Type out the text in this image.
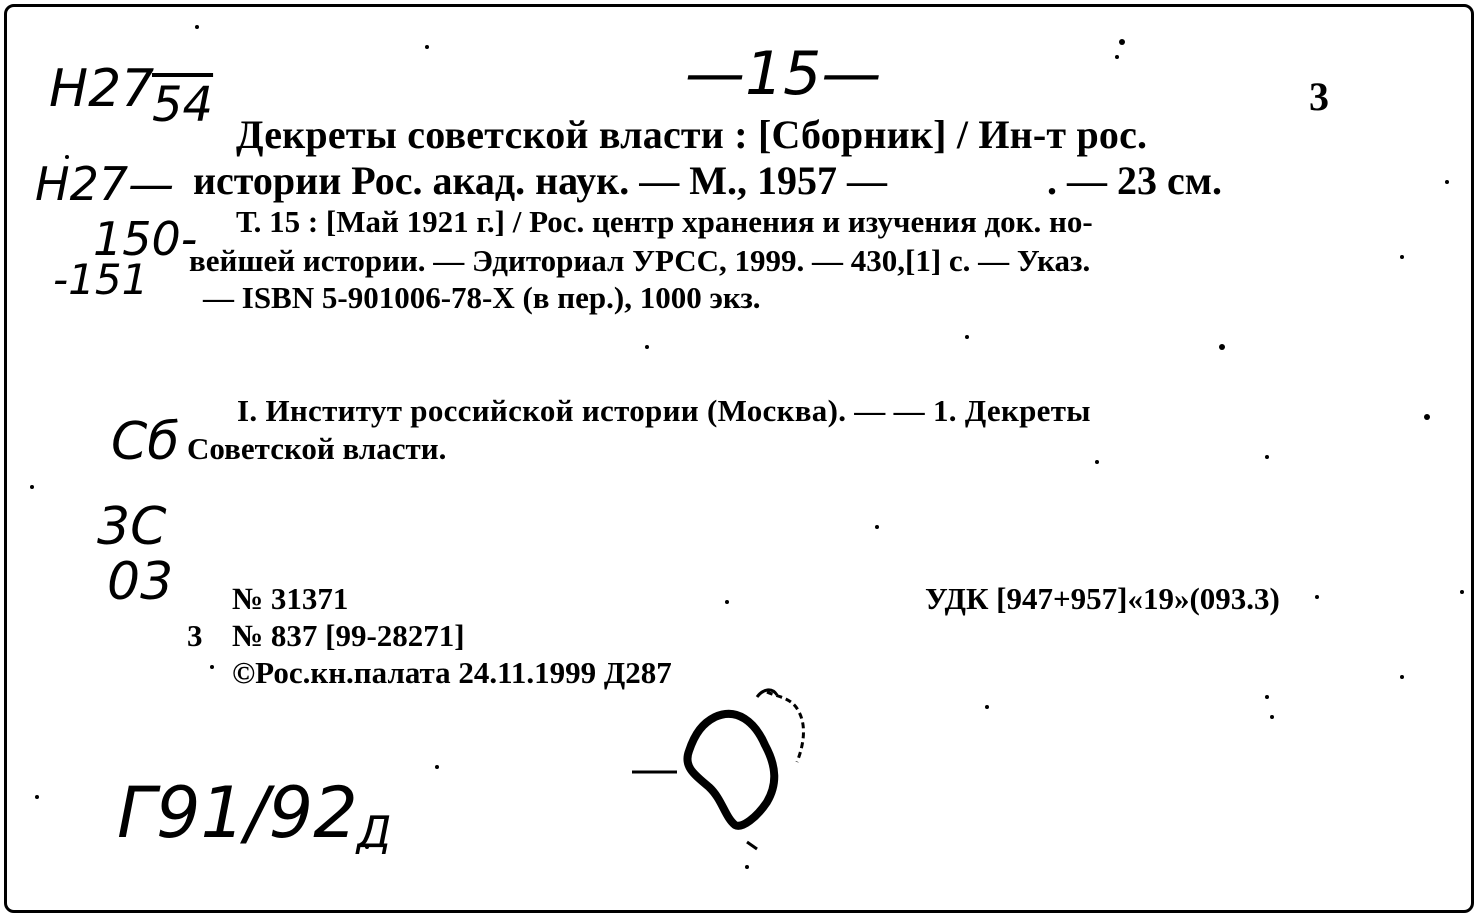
3
Декреты советской власти : [Сборник] / Ин-т рос.
истории Рос. акад. наук. — М., 1957 —	. — 23 см.
Т. 15 : [Май 1921 г.] / Рос. центр хранения и изучения док. но-
вейшей истории. — Эдиториал УРСС, 1999. — 430,[1] с. — Указ.
— ISBN 5-901006-78-X (в пер.), 1000 экз.
I. Институт российской истории (Москва). — — 1. Декреты
Советской власти.
№ 31371	УДК [947+957]«19»(093.3)
3 № 837 [99-28271]
©Рос.кн.палата 24.11.1999 Д287
—15—
H27
54
H27—
150-
-151
Сб
3С
03
Г91/92 Д
